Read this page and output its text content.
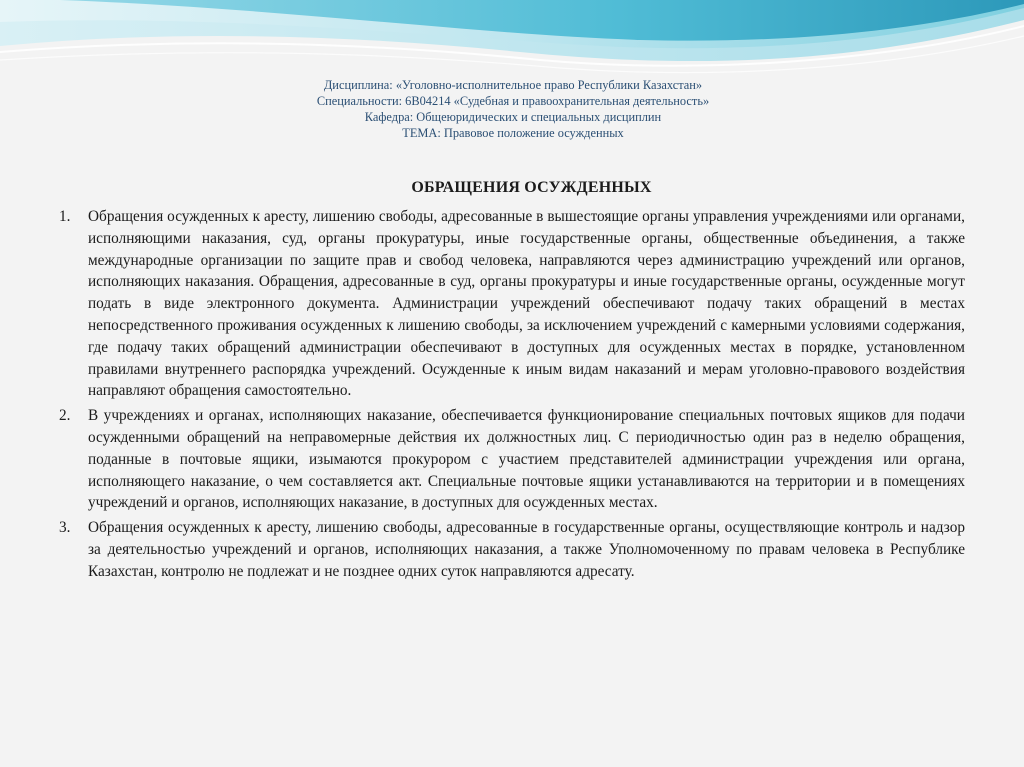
Дисциплина: «Уголовно-исполнительное право Республики Казахстан»
Специальности: 6В04214 «Судебная и правоохранительная деятельность»
Кафедра: Общеюридических и специальных дисциплин
ТЕМА: Правовое положение осужденных
ОБРАЩЕНИЯ ОСУЖДЕННЫХ

1. Обращения осужденных к аресту, лишению свободы, адресованные в вышестоящие органы управления учреждениями или органами, исполняющими наказания, суд, органы прокуратуры, иные государственные органы, общественные объединения, а также международные организации по защите прав и свобод человека, направляются через администрацию учреждений или органов, исполняющих наказания. Обращения, адресованные в суд, органы прокуратуры и иные государственные органы, осужденные могут подать в виде электронного документа. Администрации учреждений обеспечивают подачу таких обращений в местах непосредственного проживания осужденных к лишению свободы, за исключением учреждений с камерными условиями содержания, где подачу таких обращений администрации обеспечивают в доступных для осужденных местах в порядке, установленном правилами внутреннего распорядка учреждений. Осужденные к иным видам наказаний и мерам уголовно-правового воздействия направляют обращения самостоятельно.

2. В учреждениях и органах, исполняющих наказание, обеспечивается функционирование специальных почтовых ящиков для подачи осужденными обращений на неправомерные действия их должностных лиц. С периодичностью один раз в неделю обращения, поданные в почтовые ящики, изымаются прокурором с участием представителей администрации учреждения или органа, исполняющего наказание, о чем составляется акт. Специальные почтовые ящики устанавливаются на территории и в помещениях учреждений и органов, исполняющих наказание, в доступных для осужденных местах.

3. Обращения осужденных к аресту, лишению свободы, адресованные в государственные органы, осуществляющие контроль и надзор за деятельностью учреждений и органов, исполняющих наказания, а также Уполномоченному по правам человека в Республике Казахстан, контролю не подлежат и не позднее одних суток направляются адресату.
